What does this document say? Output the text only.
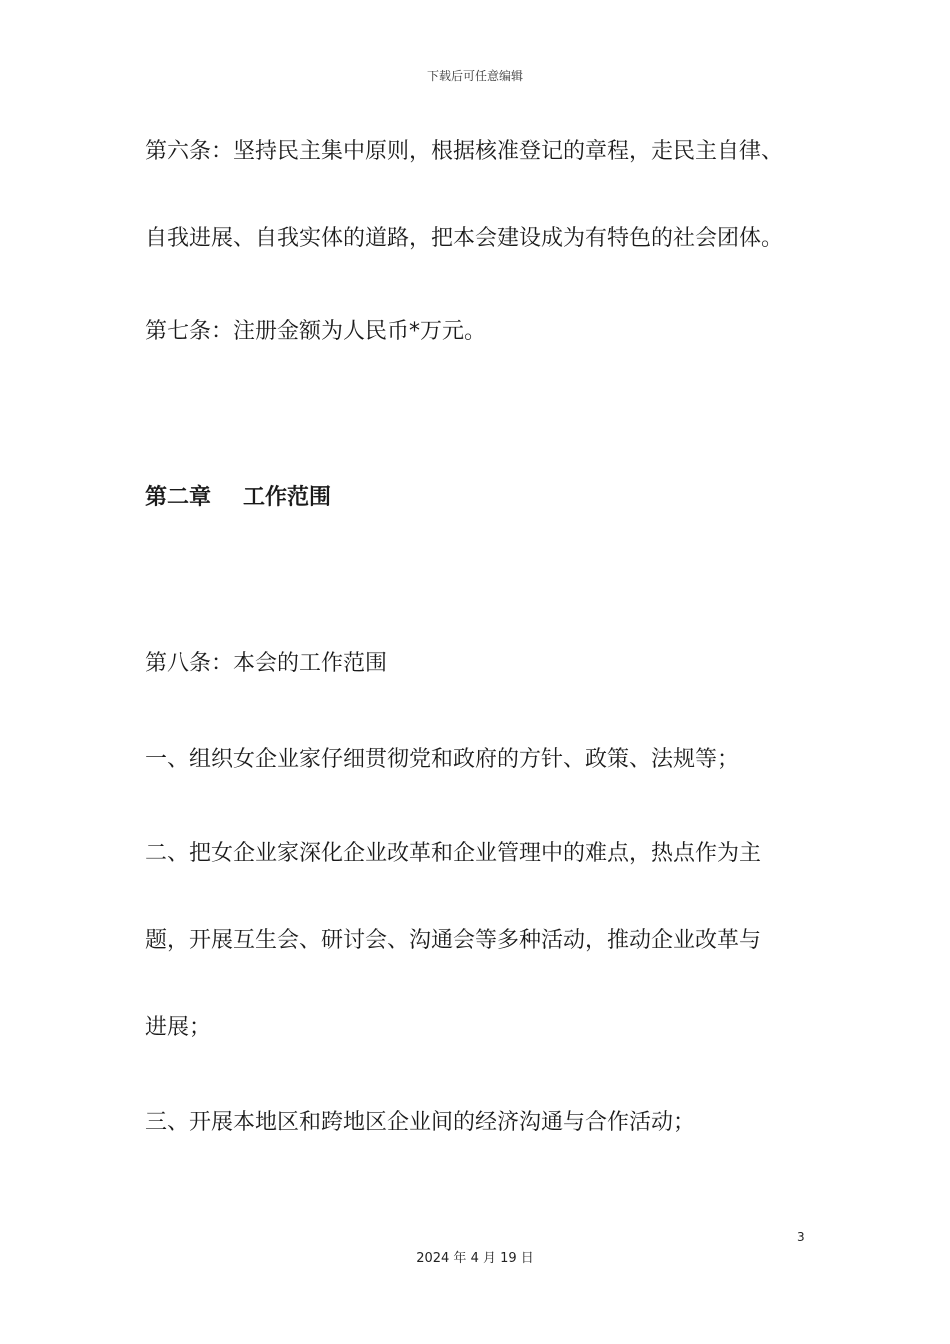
下载后可任意编辑
第六条：坚持民主集中原则，根据核准登记的章程，走民主自律、
自我进展、自我实体的道路，把本会建设成为有特色的社会团体。
第七条：注册金额为人民币*万元。
第二章 工作范围
第八条：本会的工作范围
一、组织女企业家仔细贯彻党和政府的方针、政策、法规等；
二、把女企业家深化企业改革和企业管理中的难点，热点作为主
题，开展互生会、研讨会、沟通会等多种活动，推动企业改革与
进展；
三、开展本地区和跨地区企业间的经济沟通与合作活动；
3
2024 年 4 月 19 日
